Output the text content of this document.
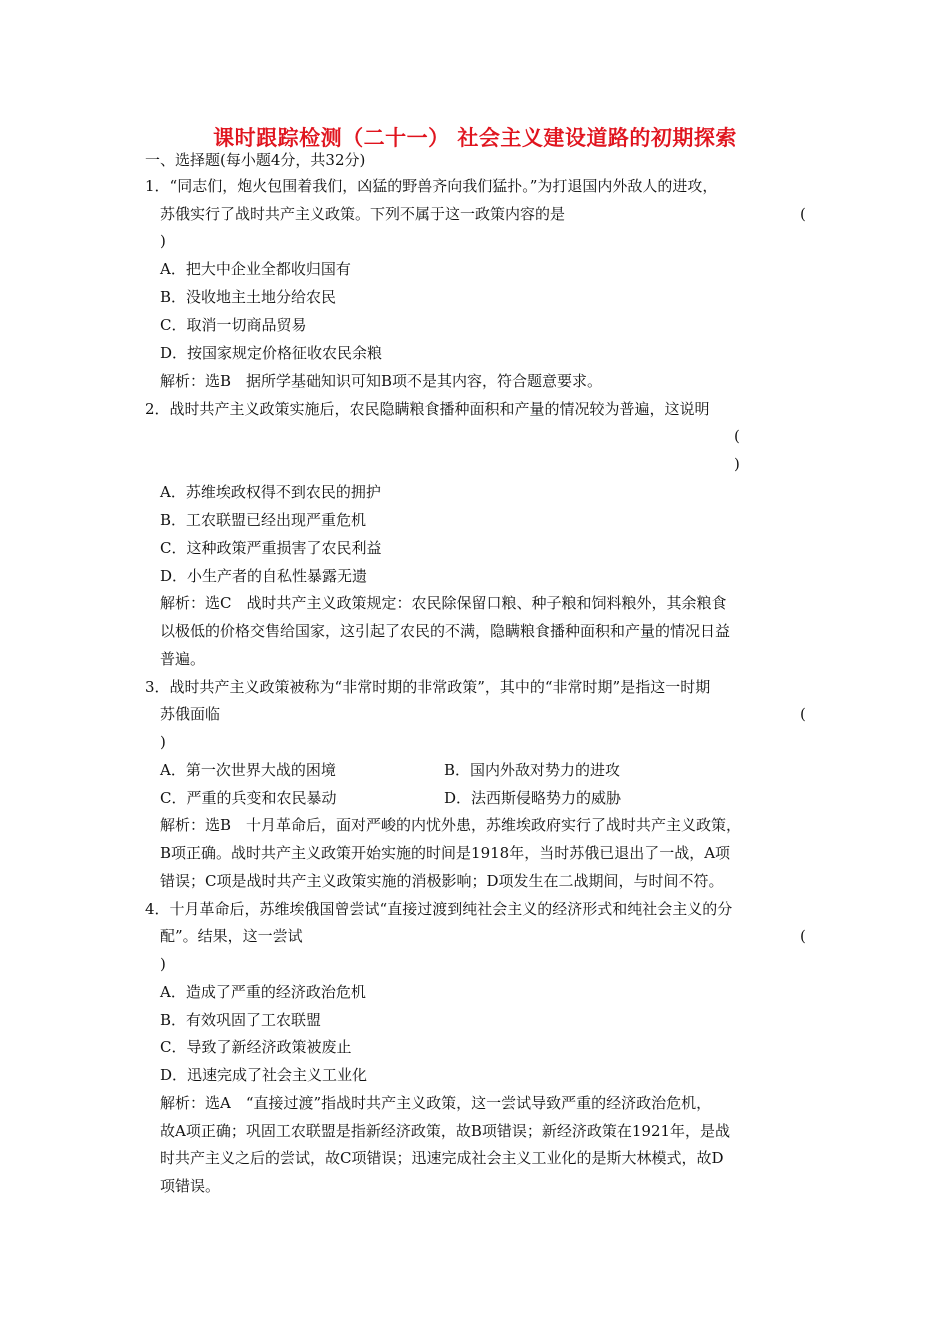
课时跟踪检测（二十一） 社会主义建设道路的初期探索
一、选择题(每小题4分，共32分)
1．“同志们，炮火包围着我们，凶猛的野兽齐向我们猛扑。”为打退国内外敌人的进攻，
苏俄实行了战时共产主义政策。下列不属于这一政策内容的是	(
)
A．把大中企业全都收归国有
B．没收地主土地分给农民
C．取消一切商品贸易
D．按国家规定价格征收农民余粮
解析：选B　据所学基础知识可知B项不是其内容，符合题意要求。
2．战时共产主义政策实施后，农民隐瞒粮食播种面积和产量的情况较为普遍，这说明
(
)
A．苏维埃政权得不到农民的拥护
B．工农联盟已经出现严重危机
C．这种政策严重损害了农民利益
D．小生产者的自私性暴露无遗
解析：选C　战时共产主义政策规定：农民除保留口粮、种子粮和饲料粮外，其余粮食
以极低的价格交售给国家，这引起了农民的不满，隐瞒粮食播种面积和产量的情况日益
普遍。
3．战时共产主义政策被称为“非常时期的非常政策”，其中的“非常时期”是指这一时期
苏俄面临	(
)
A．第一次世界大战的困境	B．国内外敌对势力的进攻
C．严重的兵变和农民暴动	D．法西斯侵略势力的威胁
解析：选B　十月革命后，面对严峻的内忧外患，苏维埃政府实行了战时共产主义政策，
B项正确。战时共产主义政策开始实施的时间是1918年，当时苏俄已退出了一战，A项
错误；C项是战时共产主义政策实施的消极影响；D项发生在二战期间，与时间不符。
4．十月革命后，苏维埃俄国曾尝试“直接过渡到纯社会主义的经济形式和纯社会主义的分
配”。结果，这一尝试	(
)
A．造成了严重的经济政治危机
B．有效巩固了工农联盟
C．导致了新经济政策被废止
D．迅速完成了社会主义工业化
解析：选A　“直接过渡”指战时共产主义政策，这一尝试导致严重的经济政治危机，
故A项正确；巩固工农联盟是指新经济政策，故B项错误；新经济政策在1921年，是战
时共产主义之后的尝试，故C项错误；迅速完成社会主义工业化的是斯大林模式，故D
项错误。
